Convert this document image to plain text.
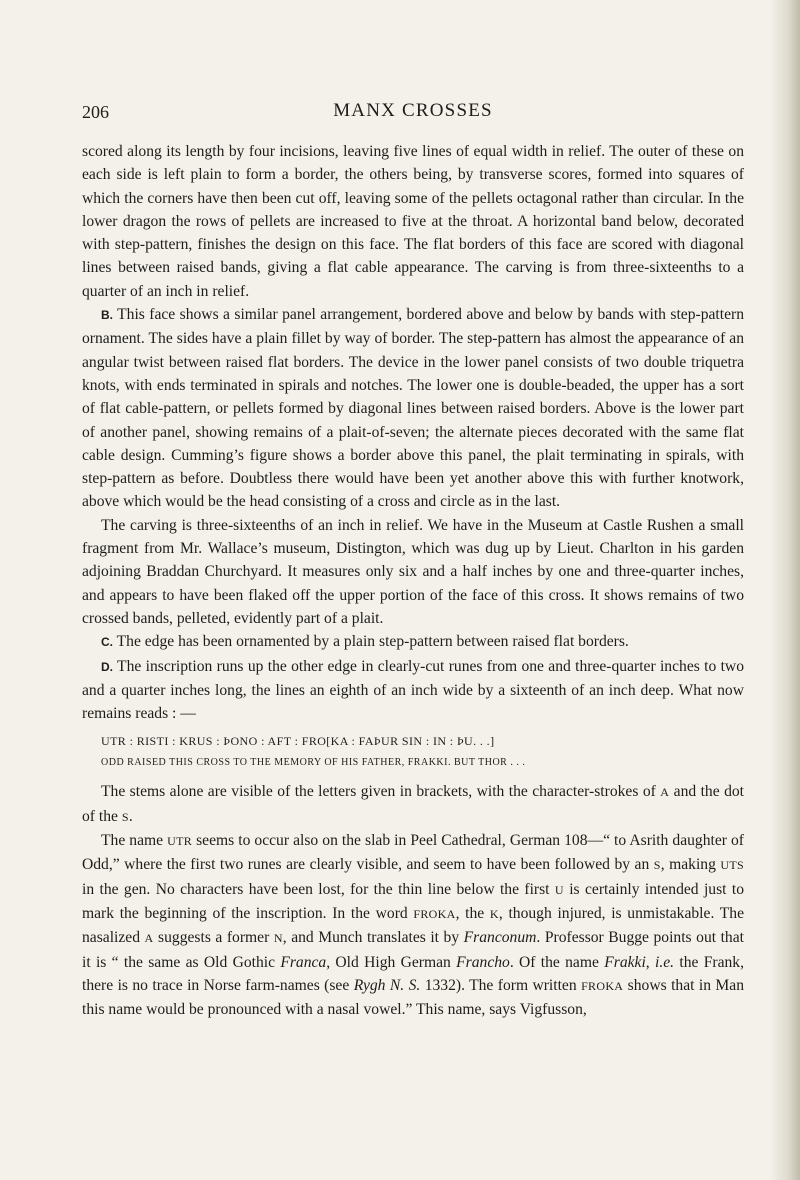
206	MANX CROSSES

scored along its length by four incisions, leaving five lines of equal width in relief. The outer of these on each side is left plain to form a border, the others being, by transverse scores, formed into squares of which the corners have then been cut off, leaving some of the pellets octagonal rather than circular. In the lower dragon the rows of pellets are increased to five at the throat. A horizontal band below, decorated with step-pattern, finishes the design on this face. The flat borders of this face are scored with diagonal lines between raised bands, giving a flat cable appearance. The carving is from three-sixteenths to a quarter of an inch in relief.

B. This face shows a similar panel arrangement, bordered above and below by bands with step-pattern ornament. The sides have a plain fillet by way of border. The step-pattern has almost the appearance of an angular twist between raised flat borders. The device in the lower panel consists of two double triquetra knots, with ends terminated in spirals and notches. The lower one is double-beaded, the upper has a sort of flat cable-pattern, or pellets formed by diagonal lines between raised borders. Above is the lower part of another panel, showing remains of a plait-of-seven; the alternate pieces decorated with the same flat cable design. Cumming’s figure shows a border above this panel, the plait terminating in spirals, with step-pattern as before. Doubtless there would have been yet another above this with further knotwork, above which would be the head consisting of a cross and circle as in the last.

The carving is three-sixteenths of an inch in relief. We have in the Museum at Castle Rushen a small fragment from Mr. Wallace’s museum, Distington, which was dug up by Lieut. Charlton in his garden adjoining Braddan Churchyard. It measures only six and a half inches by one and three-quarter inches, and appears to have been flaked off the upper portion of the face of this cross. It shows remains of two crossed bands, pelleted, evidently part of a plait.

C. The edge has been ornamented by a plain step-pattern between raised flat borders.

D. The inscription runs up the other edge in clearly-cut runes from one and three-quarter inches to two and a quarter inches long, the lines an eighth of an inch wide by a sixteenth of an inch deep. What now remains reads : —

UTR : RISTI : KRUS : ÞONO : AFT : FRO[KA : FAÞUR SIN : IN : ÞU. . .]
ODD RAISED THIS CROSS TO THE MEMORY OF HIS FATHER, FRAKKI. BUT THOR . . .

The stems alone are visible of the letters given in brackets, with the character-strokes of A and the dot of the S.

The name UTR seems to occur also on the slab in Peel Cathedral, German 108—“ to Asrith daughter of Odd,” where the first two runes are clearly visible, and seem to have been followed by an S, making UTS in the gen. No characters have been lost, for the thin line below the first U is certainly intended just to mark the beginning of the inscription. In the word FROKA, the K, though injured, is unmistakable. The nasalized A suggests a former N, and Munch translates it by Franconum. Professor Bugge points out that it is “ the same as Old Gothic Franca, Old High German Francho. Of the name Frakki, i.e. the Frank, there is no trace in Norse farm-names (see Rygh N. S. 1332). The form written FROKA shows that in Man this name would be pronounced with a nasal vowel.” This name, says Vigfusson,
